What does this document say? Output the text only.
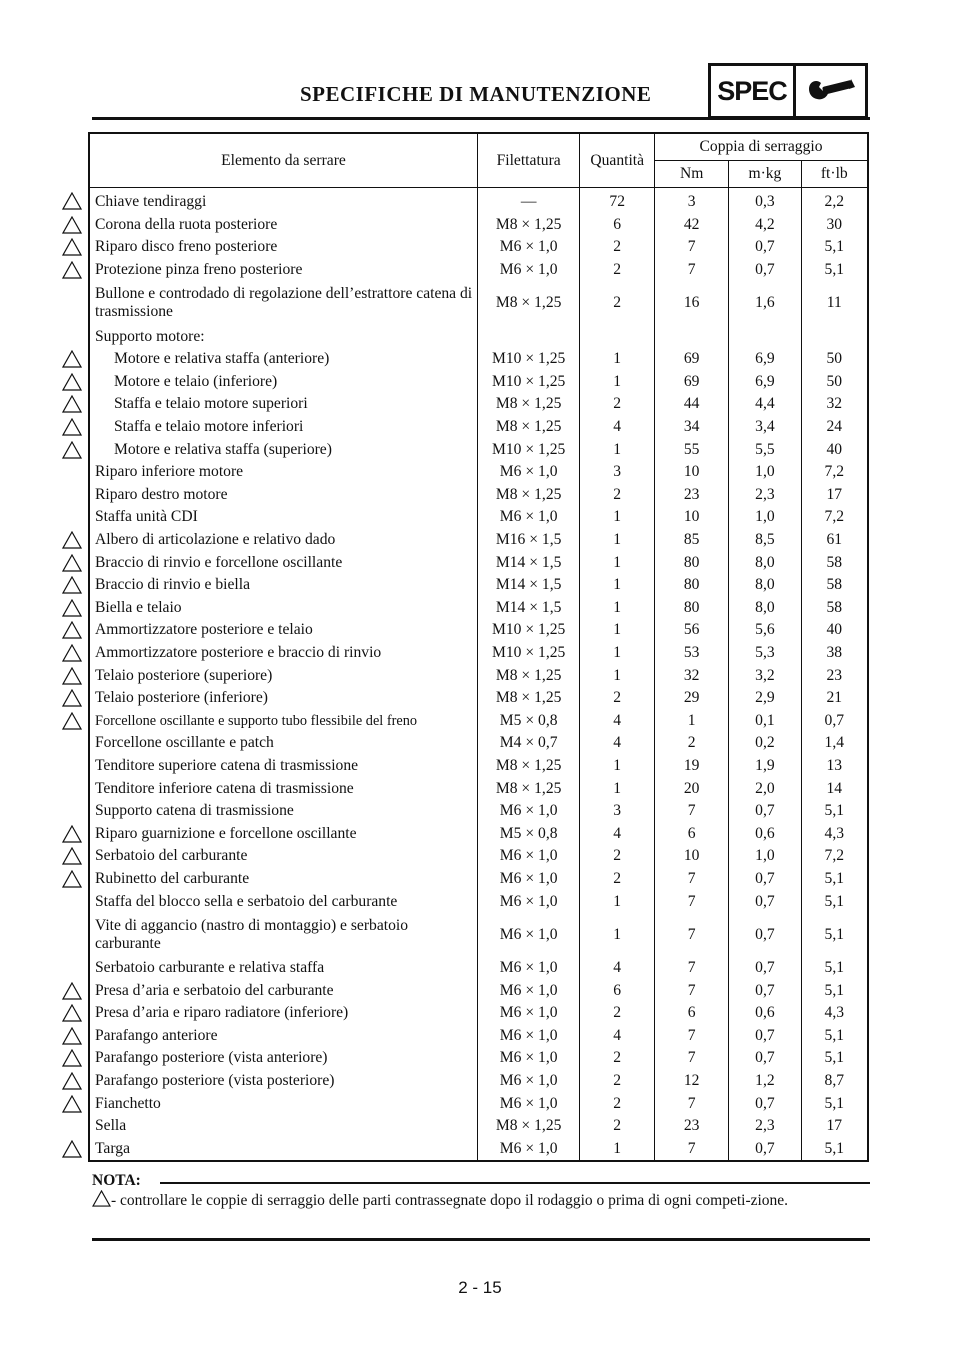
SPECIFICHE DI MANUTENZIONE	SPEC
Elemento da serrare	Filettatura	Quantità	Coppia di serraggio		
			Nm	m·kg	ft·lb
Chiave tendiraggi	—	72	3	0,3	2,2
Corona della ruota posteriore	M8 × 1,25	6	42	4,2	30
Riparo disco freno posteriore	M6 × 1,0	2	7	0,7	5,1
Protezione pinza freno posteriore	M6 × 1,0	2	7	0,7	5,1
Bullone e controdado di regolazione dell’estrattore catena di trasmissione	M8 × 1,25	2	16	1,6	11
Supporto motore:					
Motore e relativa staffa (anteriore)	M10 × 1,25	1	69	6,9	50
Motore e telaio (inferiore)	M10 × 1,25	1	69	6,9	50
Staffa e telaio motore superiori	M8 × 1,25	2	44	4,4	32
Staffa e telaio motore inferiori	M8 × 1,25	4	34	3,4	24
Motore e relativa staffa (superiore)	M10 × 1,25	1	55	5,5	40
Riparo inferiore motore	M6 × 1,0	3	10	1,0	7,2
Riparo destro motore	M8 × 1,25	2	23	2,3	17
Staffa unità CDI	M6 × 1,0	1	10	1,0	7,2
Albero di articolazione e relativo dado	M16 × 1,5	1	85	8,5	61
Braccio di rinvio e forcellone oscillante	M14 × 1,5	1	80	8,0	58
Braccio di rinvio e biella	M14 × 1,5	1	80	8,0	58
Biella e telaio	M14 × 1,5	1	80	8,0	58
Ammortizzatore posteriore e telaio	M10 × 1,25	1	56	5,6	40
Ammortizzatore posteriore e braccio di rinvio	M10 × 1,25	1	53	5,3	38
Telaio posteriore (superiore)	M8 × 1,25	1	32	3,2	23
Telaio posteriore (inferiore)	M8 × 1,25	2	29	2,9	21
Forcellone oscillante e supporto tubo flessibile del freno	M5 × 0,8	4	1	0,1	0,7
Forcellone oscillante e patch	M4 × 0,7	4	2	0,2	1,4
Tenditore superiore catena di trasmissione	M8 × 1,25	1	19	1,9	13
Tenditore inferiore catena di trasmissione	M8 × 1,25	1	20	2,0	14
Supporto catena di trasmissione	M6 × 1,0	3	7	0,7	5,1
Riparo guarnizione e forcellone oscillante	M5 × 0,8	4	6	0,6	4,3
Serbatoio del carburante	M6 × 1,0	2	10	1,0	7,2
Rubinetto del carburante	M6 × 1,0	2	7	0,7	5,1
Staffa del blocco sella e serbatoio del carburante	M6 × 1,0	1	7	0,7	5,1
Vite di aggancio (nastro di montaggio) e serbatoio carburante	M6 × 1,0	1	7	0,7	5,1
Serbatoio carburante e relativa staffa	M6 × 1,0	4	7	0,7	5,1
Presa d’aria e serbatoio del carburante	M6 × 1,0	6	7	0,7	5,1
Presa d’aria e riparo radiatore (inferiore)	M6 × 1,0	2	6	0,6	4,3
Parafango anteriore	M6 × 1,0	4	7	0,7	5,1
Parafango posteriore (vista anteriore)	M6 × 1,0	2	7	0,7	5,1
Parafango posteriore (vista posteriore)	M6 × 1,0	2	12	1,2	8,7
Fianchetto	M6 × 1,0	2	7	0,7	5,1
Sella	M8 × 1,25	2	23	2,3	17
Targa	M6 × 1,0	1	7	0,7	5,1
NOTA:
- controllare le coppie di serraggio delle parti contrassegnate dopo il rodaggio o prima di ogni competi-zione.
2 - 15
